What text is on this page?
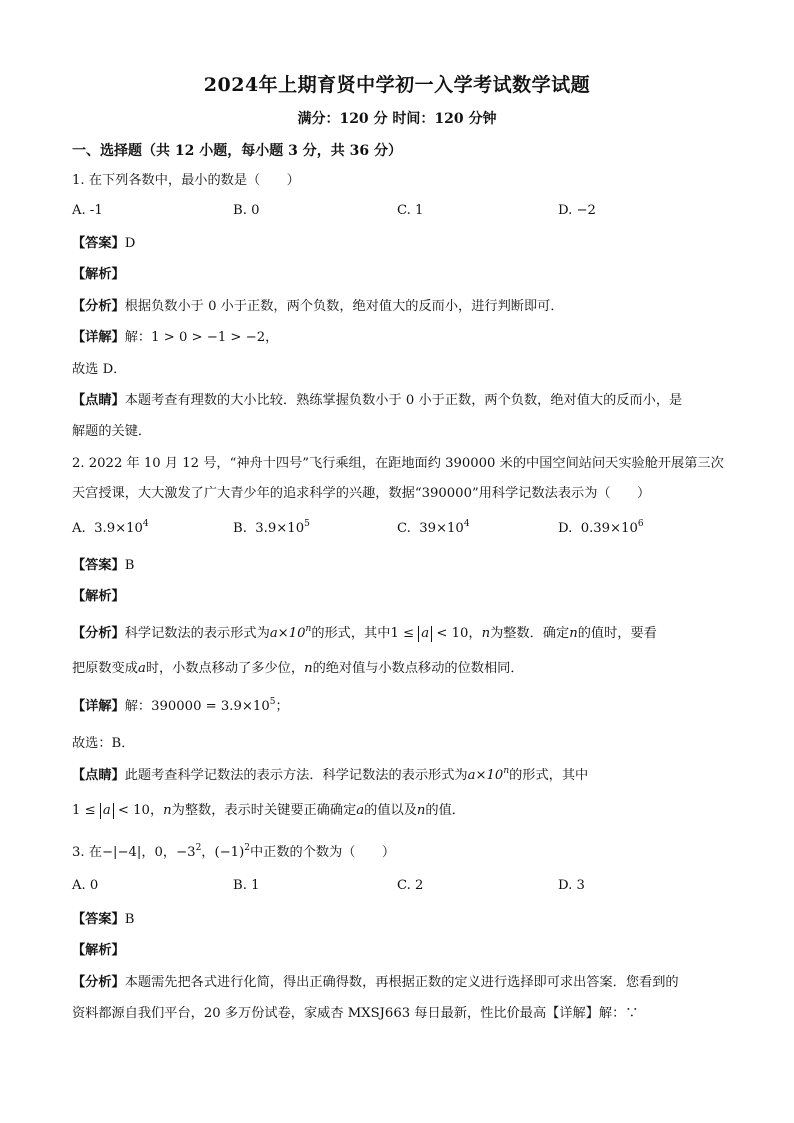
2024年上期育贤中学初一入学考试数学试题
满分：120 分 时间：120 分钟
一、选择题（共 12 小题，每小题 3 分，共 36 分）
1. 在下列各数中，最小的数是（　　）
A. -1	B. 0	C. 1	D. −2
【答案】D
【解析】
【分析】根据负数小于 0 小于正数，两个负数，绝对值大的反而小，进行判断即可．
【详解】解：1 > 0 > −1 > −2，
故选 D．
【点睛】本题考查有理数的大小比较．熟练掌握负数小于 0 小于正数，两个负数，绝对值大的反而小，是
解题的关键．
2. 2022 年 10 月 12 号，“神舟十四号”飞行乘组，在距地面约 390000 米的中国空间站问天实验舱开展第三次
天宫授课，大大激发了广大青少年的追求科学的兴趣，数据“390000”用科学记数法表示为（　　）
A. $3.9\times 10^4$	B. $3.9\times 10^5$	C. $39\times 10^4$	D. $0.39\times 10^6$
【答案】B
【解析】
【分析】科学记数法的表示形式为$a\times 10^n$的形式，其中1 ≤ a < 10，n为整数．确定n的值时，要看
把原数变成a时，小数点移动了多少位，n的绝对值与小数点移动的位数相同．
【详解】解：$390000 = 3.9\times 10^5$；
故选：B．
【点睛】此题考查科学记数法的表示方法．科学记数法的表示形式为$a\times 10^n$的形式，其中
1 ≤ a < 10，n为整数，表示时关键要正确确定a的值以及n的值．
3. 在−|−4|，0，$-3^2$，$(-1)^2$中正数的个数为（　　）
A. 0	B. 1	C. 2	D. 3
【答案】B
【解析】
【分析】本题需先把各式进行化简，得出正确得数，再根据正数的定义进行选择即可求出答案．您看到的
资料都源自我们平台，20 多万份试卷，家威杏 MXSJ663 每日最新，性比价最高【详解】解：∵
